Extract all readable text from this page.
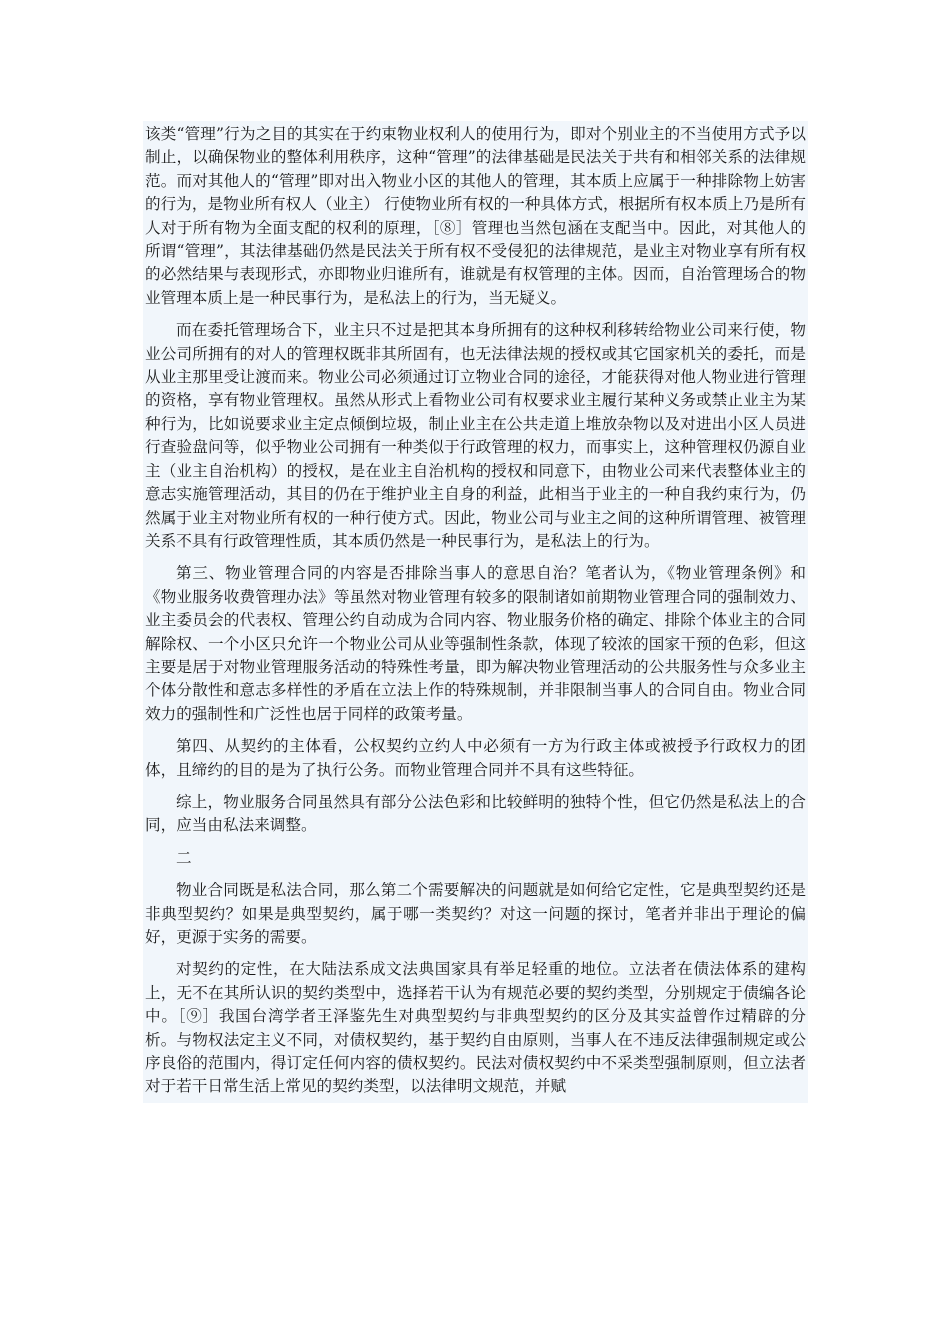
该类“管理”行为之目的其实在于约束物业权利人的使用行为，即对个别业主的不当使用方式予以制止，以确保物业的整体利用秩序，这种“管理”的法律基础是民法关于共有和相邻关系的法律规范。而对其他人的“管理”即对出入物业小区的其他人的管理，其本质上应属于一种排除物上妨害的行为，是物业所有权人（业主） 行使物业所有权的一种具体方式，根据所有权本质上乃是所有人对于所有物为全面支配的权利的原理，［⑧］管理也当然包涵在支配当中。因此，对其他人的所谓“管理”，其法律基础仍然是民法关于所有权不受侵犯的法律规范，是业主对物业享有所有权的必然结果与表现形式，亦即物业归谁所有，谁就是有权管理的主体。因而，自治管理场合的物业管理本质上是一种民事行为，是私法上的行为，当无疑义。

而在委托管理场合下，业主只不过是把其本身所拥有的这种权利移转给物业公司来行使，物业公司所拥有的对人的管理权既非其所固有，也无法律法规的授权或其它国家机关的委托，而是从业主那里受让渡而来。物业公司必须通过订立物业合同的途径，才能获得对他人物业进行管理的资格，享有物业管理权。虽然从形式上看物业公司有权要求业主履行某种义务或禁止业主为某种行为，比如说要求业主定点倾倒垃圾，制止业主在公共走道上堆放杂物以及对进出小区人员进行查验盘问等，似乎物业公司拥有一种类似于行政管理的权力，而事实上，这种管理权仍源自业主（业主自治机构）的授权，是在业主自治机构的授权和同意下，由物业公司来代表整体业主的意志实施管理活动，其目的仍在于维护业主自身的利益，此相当于业主的一种自我约束行为，仍然属于业主对物业所有权的一种行使方式。因此，物业公司与业主之间的这种所谓管理、被管理关系不具有行政管理性质，其本质仍然是一种民事行为，是私法上的行为。

第三、物业管理合同的内容是否排除当事人的意思自治？笔者认为，《物业管理条例》和《物业服务收费管理办法》等虽然对物业管理有较多的限制诸如前期物业管理合同的强制效力、业主委员会的代表权、管理公约自动成为合同内容、物业服务价格的确定、排除个体业主的合同解除权、一个小区只允许一个物业公司从业等强制性条款，体现了较浓的国家干预的色彩，但这主要是居于对物业管理服务活动的特殊性考量，即为解决物业管理活动的公共服务性与众多业主个体分散性和意志多样性的矛盾在立法上作的特殊规制，并非限制当事人的合同自由。物业合同效力的强制性和广泛性也居于同样的政策考量。

第四、从契约的主体看，公权契约立约人中必须有一方为行政主体或被授予行政权力的团体，且缔约的目的是为了执行公务。而物业管理合同并不具有这些特征。

综上，物业服务合同虽然具有部分公法色彩和比较鲜明的独特个性，但它仍然是私法上的合同，应当由私法来调整。

二

物业合同既是私法合同，那么第二个需要解决的问题就是如何给它定性，它是典型契约还是非典型契约？如果是典型契约，属于哪一类契约？对这一问题的探讨，笔者并非出于理论的偏好，更源于实务的需要。

对契约的定性，在大陆法系成文法典国家具有举足轻重的地位。立法者在债法体系的建构上，无不在其所认识的契约类型中，选择若干认为有规范必要的契约类型，分别规定于债编各论中。［⑨］我国台湾学者王泽鉴先生对典型契约与非典型契约的区分及其实益曾作过精辟的分析。与物权法定主义不同，对债权契约，基于契约自由原则，当事人在不违反法律强制规定或公序良俗的范围内，得订定任何内容的债权契约。民法对债权契约中不采类型强制原则，但立法者对于若干日常生活上常见的契约类型，以法律明文规范，并赋
